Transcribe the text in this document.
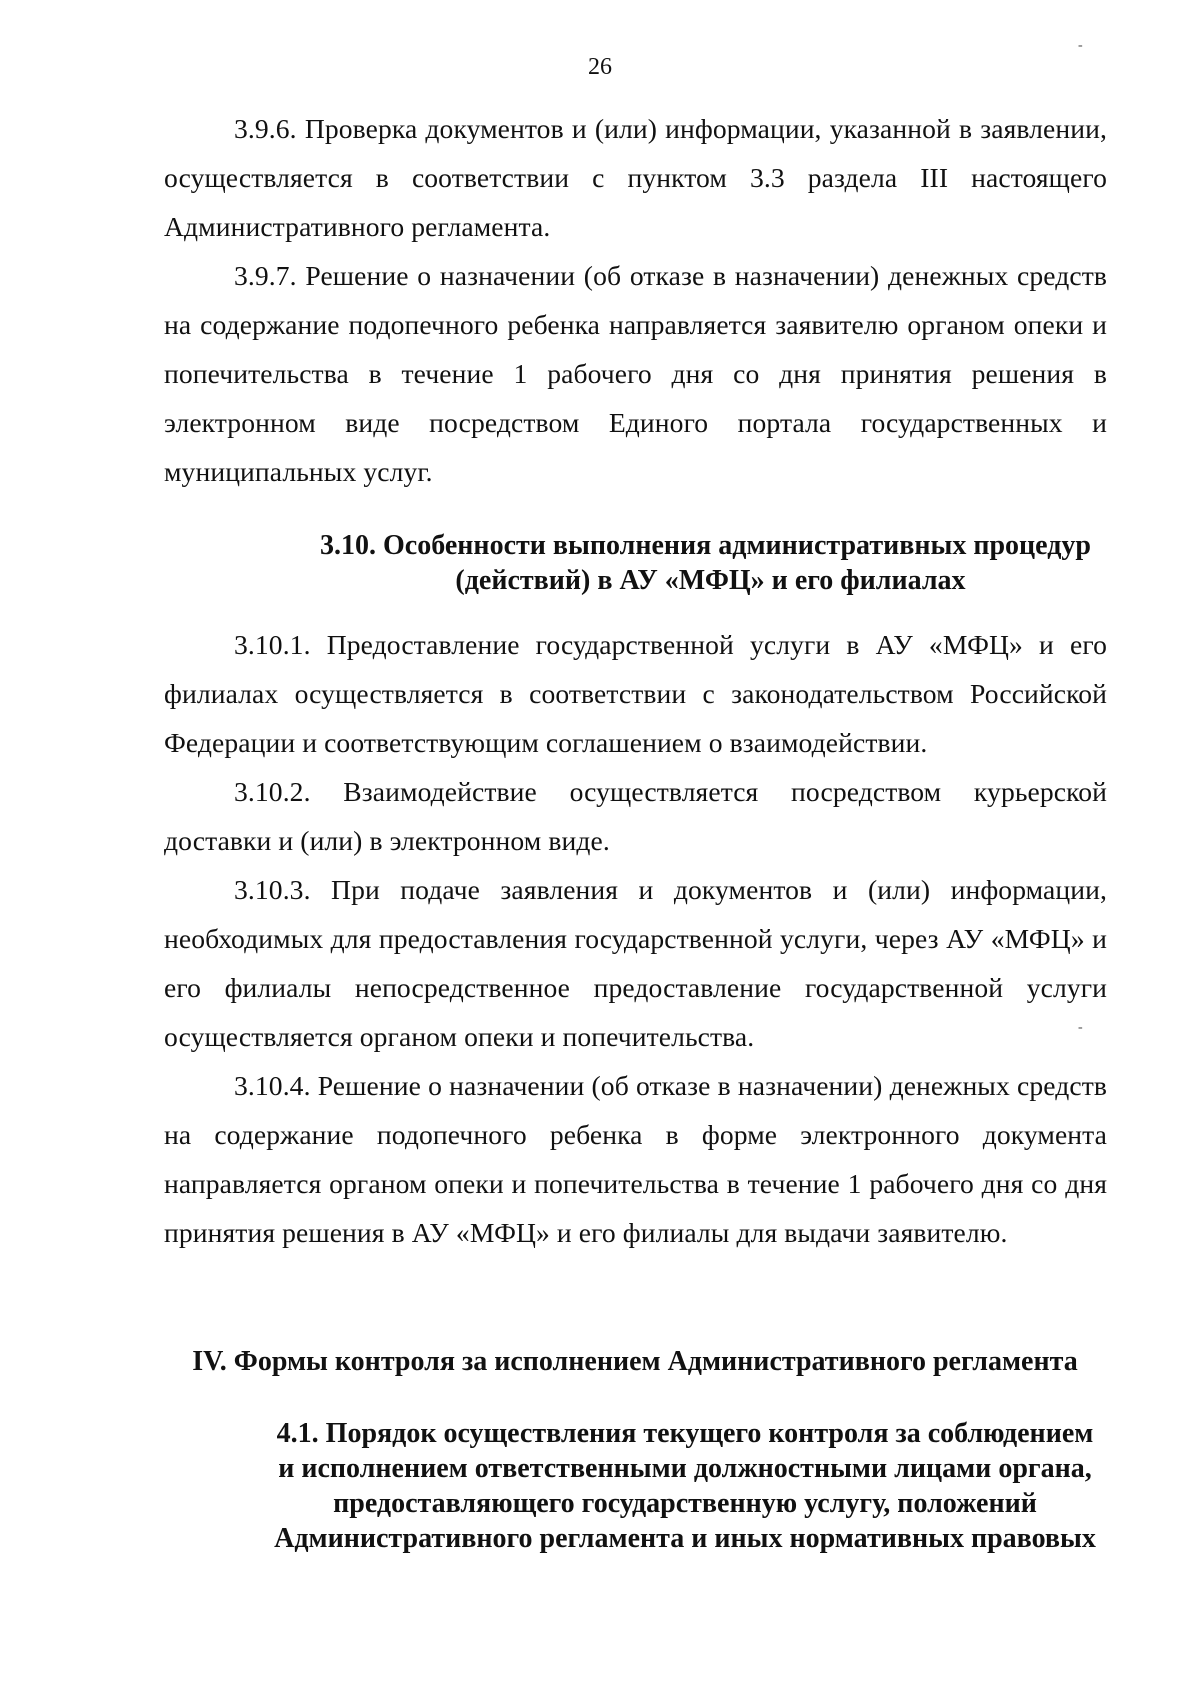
26
-
-

3.9.6. Проверка документов и (или) информации, указанной в заявлении, осуществляется в соответствии с пунктом 3.3 раздела III настоящего Административного регламента.

3.9.7. Решение о назначении (об отказе в назначении) денежных средств на содержание подопечного ребенка направляется заявителю органом опеки и попечительства в течение 1 рабочего дня со дня принятия решения в электронном виде посредством Единого портала государственных и муниципальных услуг.

3.10. Особенности выполнения административных процедур

(действий) в АУ «МФЦ» и его филиалах

3.10.1. Предоставление государственной услуги в АУ «МФЦ» и его филиалах осуществляется в соответствии с законодательством Российской Федерации и соответствующим соглашением о взаимодействии.

3.10.2. Взаимодействие осуществляется посредством курьерской доставки и (или) в электронном виде.

3.10.3. При подаче заявления и документов и (или) информации, необходимых для предоставления государственной услуги, через АУ «МФЦ» и его филиалы непосредственное предоставление государственной услуги осуществляется органом опеки и попечительства.

3.10.4. Решение о назначении (об отказе в назначении) денежных средств на содержание подопечного ребенка в форме электронного документа направляется органом опеки и попечительства в течение 1 рабочего дня со дня принятия решения в АУ «МФЦ» и его филиалы для выдачи заявителю.

IV. Формы контроля за исполнением Административного регламента

4.1. Порядок осуществления текущего контроля за соблюдением

и исполнением ответственными должностными лицами органа,

предоставляющего государственную услугу, положений

Административного регламента и иных нормативных правовых
